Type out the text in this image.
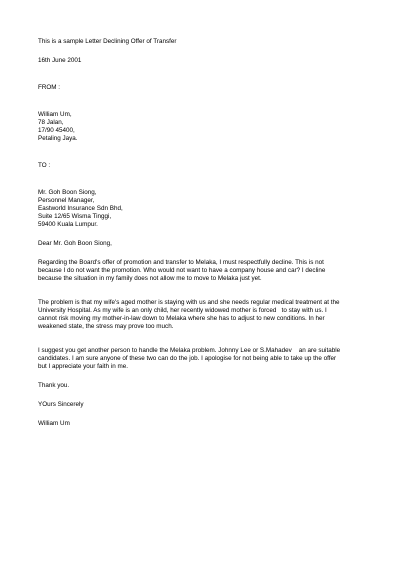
This is a sample Letter Declining Offer of Transfer
16th June 2001
FROM :
William Um,
78 Jalan,
17/90 45400,
Petaling Jaya.
TO :
Mr. Goh Boon Siong,
Personnel Manager,
Eastworld Insurance Sdn Bhd,
Suite 12/65 Wisma Tinggi,
59400 Kuala Lumpur.
Dear Mr. Goh Boon Siong,
Regarding the Board's offer of promotion and transfer to Melaka, I must respectfully decline. This is not
because I do not want the promotion. Who would not want to have a company house and car? I decline
because the situation in my family does not allow me to move to Melaka just yet.
The problem is that my wife's aged mother is staying with us and she needs regular medical treatment at the
University Hospital. As my wife is an only child, her recently widowed mother is forced   to stay with us. I
cannot risk moving my mother-in-law down to Melaka where she has to adjust to new conditions. In her
weakened state, the stress may prove too much.
I suggest you get another person to handle the Melaka problem. Johnny Lee or S.Mahadev    an are suitable
candidates. I am sure anyone of these two can do the job. I apologise for not being able to take up the offer
but I appreciate your faith in me.
Thank you.
YOurs Sincerely
William Um
